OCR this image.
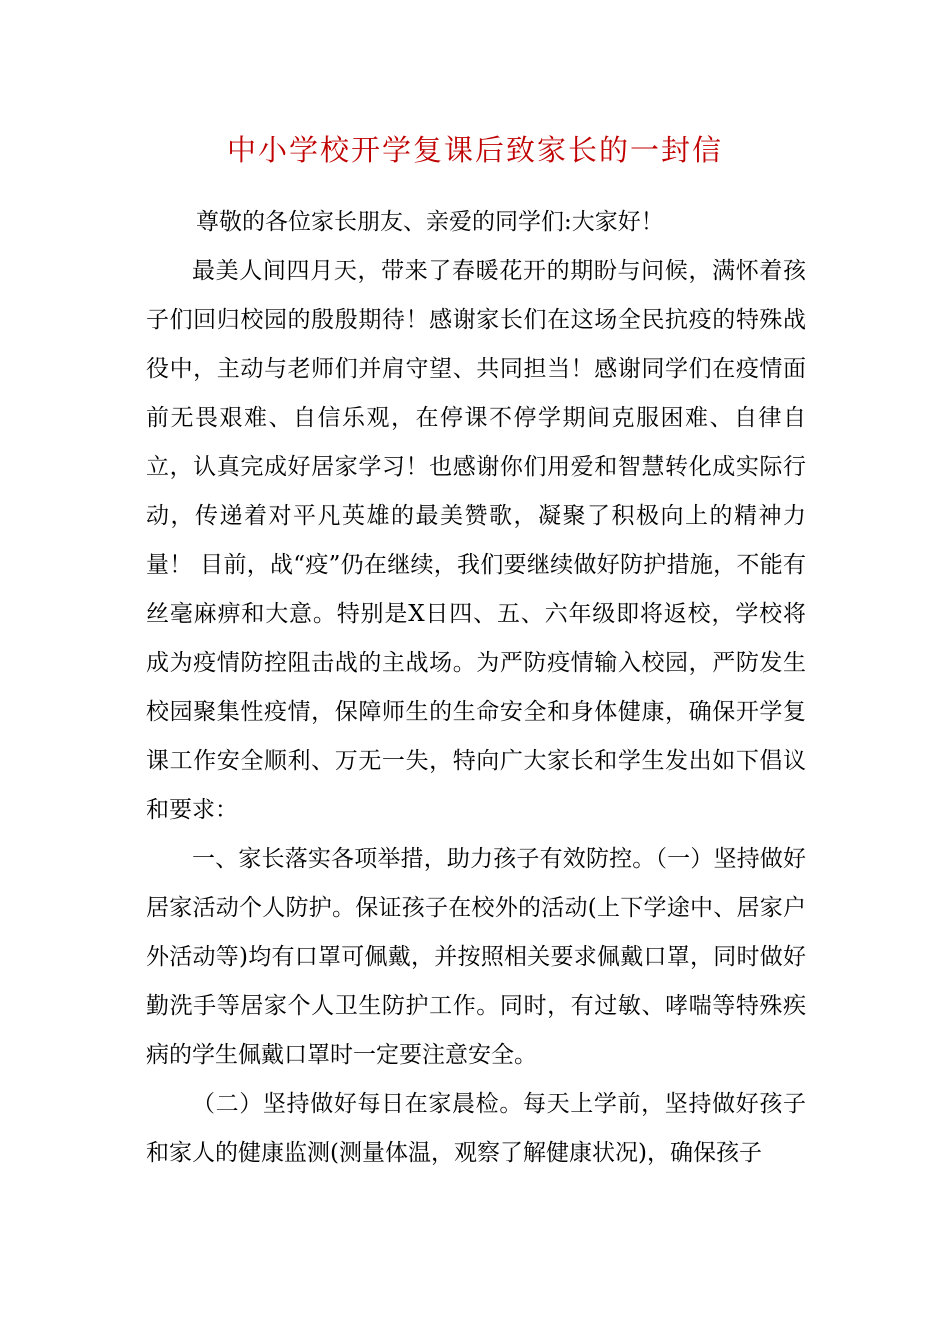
中小学校开学复课后致家长的一封信

尊敬的各位家长朋友、亲爱的同学们:大家好！

最美人间四月天，带来了春暖花开的期盼与问候，满怀着孩子们回归校园的殷殷期待！感谢家长们在这场全民抗疫的特殊战役中，主动与老师们并肩守望、共同担当！感谢同学们在疫情面前无畏艰难、自信乐观，在停课不停学期间克服困难、自律自立，认真完成好居家学习！也感谢你们用爱和智慧转化成实际行动，传递着对平凡英雄的最美赞歌，凝聚了积极向上的精神力量！ 目前，战“疫”仍在继续，我们要继续做好防护措施，不能有丝毫麻痹和大意。特别是X日四、五、六年级即将返校，学校将成为疫情防控阻击战的主战场。为严防疫情输入校园，严防发生校园聚集性疫情，保障师生的生命安全和身体健康，确保开学复课工作安全顺利、万无一失，特向广大家长和学生发出如下倡议和要求：

一、家长落实各项举措，助力孩子有效防控。（一）坚持做好居家活动个人防护。保证孩子在校外的活动(上下学途中、居家户外活动等)均有口罩可佩戴，并按照相关要求佩戴口罩，同时做好勤洗手等居家个人卫生防护工作。同时，有过敏、哮喘等特殊疾病的学生佩戴口罩时一定要注意安全。

（二）坚持做好每日在家晨检。每天上学前，坚持做好孩子和家人的健康监测(测量体温，观察了解健康状况)，确保孩子
